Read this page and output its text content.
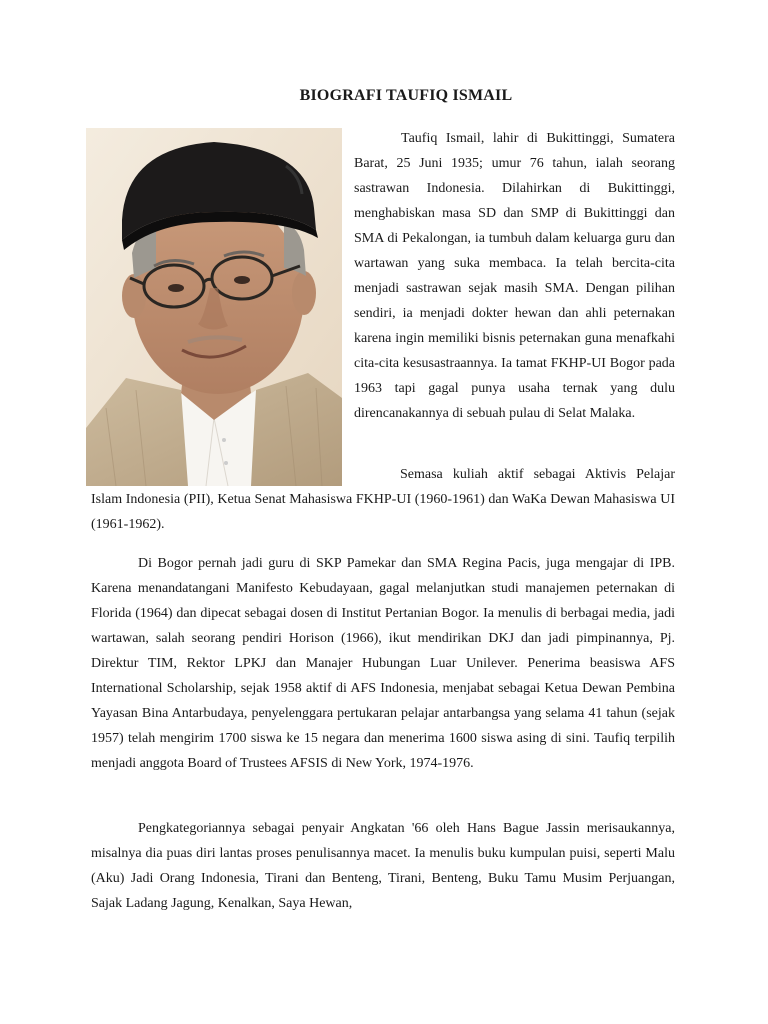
BIOGRAFI TAUFIQ ISMAIL

Taufiq Ismail, lahir di Bukittinggi, Sumatera Barat, 25 Juni 1935; umur 76 tahun, ialah seorang sastrawan Indonesia. Dilahirkan di Bukittinggi, menghabiskan masa SD dan SMP di Bukittinggi dan SMA di Pekalongan, ia tumbuh dalam keluarga guru dan wartawan yang suka membaca. Ia telah bercita-cita menjadi sastrawan sejak masih SMA. Dengan pilihan sendiri, ia menjadi dokter hewan dan ahli peternakan karena ingin memiliki bisnis peternakan guna menafkahi cita-cita kesusastraannya. Ia tamat FKHP-UI Bogor pada 1963 tapi gagal punya usaha ternak yang dulu direncanakannya di sebuah pulau di Selat Malaka.

Semasa kuliah aktif sebagai Aktivis Pelajar Islam Indonesia (PII), Ketua Senat Mahasiswa FKHP-UI (1960-1961) dan WaKa Dewan Mahasiswa UI (1961-1962).

Di Bogor pernah jadi guru di SKP Pamekar dan SMA Regina Pacis, juga mengajar di IPB. Karena menandatangani Manifesto Kebudayaan, gagal melanjutkan studi manajemen peternakan di Florida (1964) dan dipecat sebagai dosen di Institut Pertanian Bogor. Ia menulis di berbagai media, jadi wartawan, salah seorang pendiri Horison (1966), ikut mendirikan DKJ dan jadi pimpinannya, Pj. Direktur TIM, Rektor LPKJ dan Manajer Hubungan Luar Unilever. Penerima beasiswa AFS International Scholarship, sejak 1958 aktif di AFS Indonesia, menjabat sebagai Ketua Dewan Pembina Yayasan Bina Antarbudaya, penyelenggara pertukaran pelajar antarbangsa yang selama 41 tahun (sejak 1957) telah mengirim 1700 siswa ke 15 negara dan menerima 1600 siswa asing di sini. Taufiq terpilih menjadi anggota Board of Trustees AFSIS di New York, 1974-1976.

Pengkategoriannya sebagai penyair Angkatan '66 oleh Hans Bague Jassin merisaukannya, misalnya dia puas diri lantas proses penulisannya macet. Ia menulis buku kumpulan puisi, seperti Malu (Aku) Jadi Orang Indonesia, Tirani dan Benteng, Tirani, Benteng, Buku Tamu Musim Perjuangan, Sajak Ladang Jagung, Kenalkan, Saya Hewan,
